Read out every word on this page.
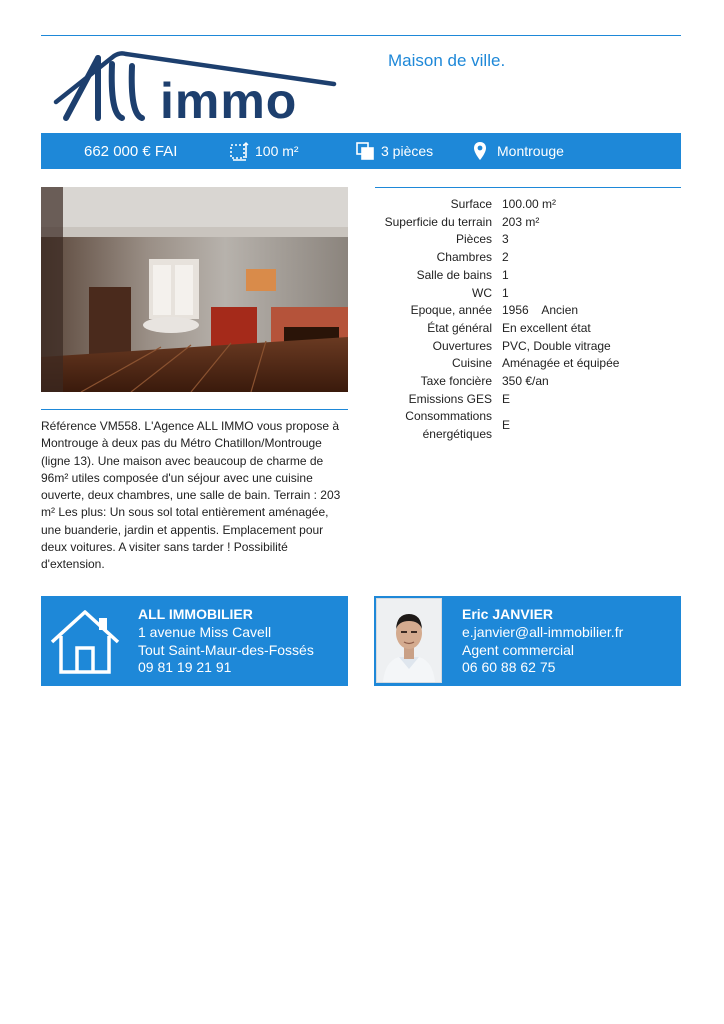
immo
Maison de ville.
662 000 € FAI	100 m²	3 pièces	Montrouge
Référence VM558. L'Agence ALL IMMO vous propose à Montrouge à deux pas du Métro Chatillon/Montrouge (ligne 13). Une maison avec beaucoup de charme de 96m² utiles composée d'un séjour avec une cuisine ouverte, deux chambres, une salle de bain. Terrain : 203 m² Les plus: Un sous sol total entièrement aménagée, une buanderie, jardin et appentis. Emplacement pour deux voitures. A visiter sans tarder ! Possibilité d'extension.
Surface	100.00 m²
Superficie du terrain	203 m²
Pièces	3
Chambres	2
Salle de bains	1
WC	1
Epoque, année	1956    Ancien
État général	En excellent état
Ouvertures	PVC, Double vitrage
Cuisine	Aménagée et équipée
Taxe foncière	350 €/an
Emissions GES	E
Consommations énergétiques	E
ALL IMMOBILIER
1 avenue Miss Cavell
Tout Saint-Maur-des-Fossés
09 81 19 21 91
Eric JANVIER
e.janvier@all-immobilier.fr
Agent commercial
06 60 88 62 75
